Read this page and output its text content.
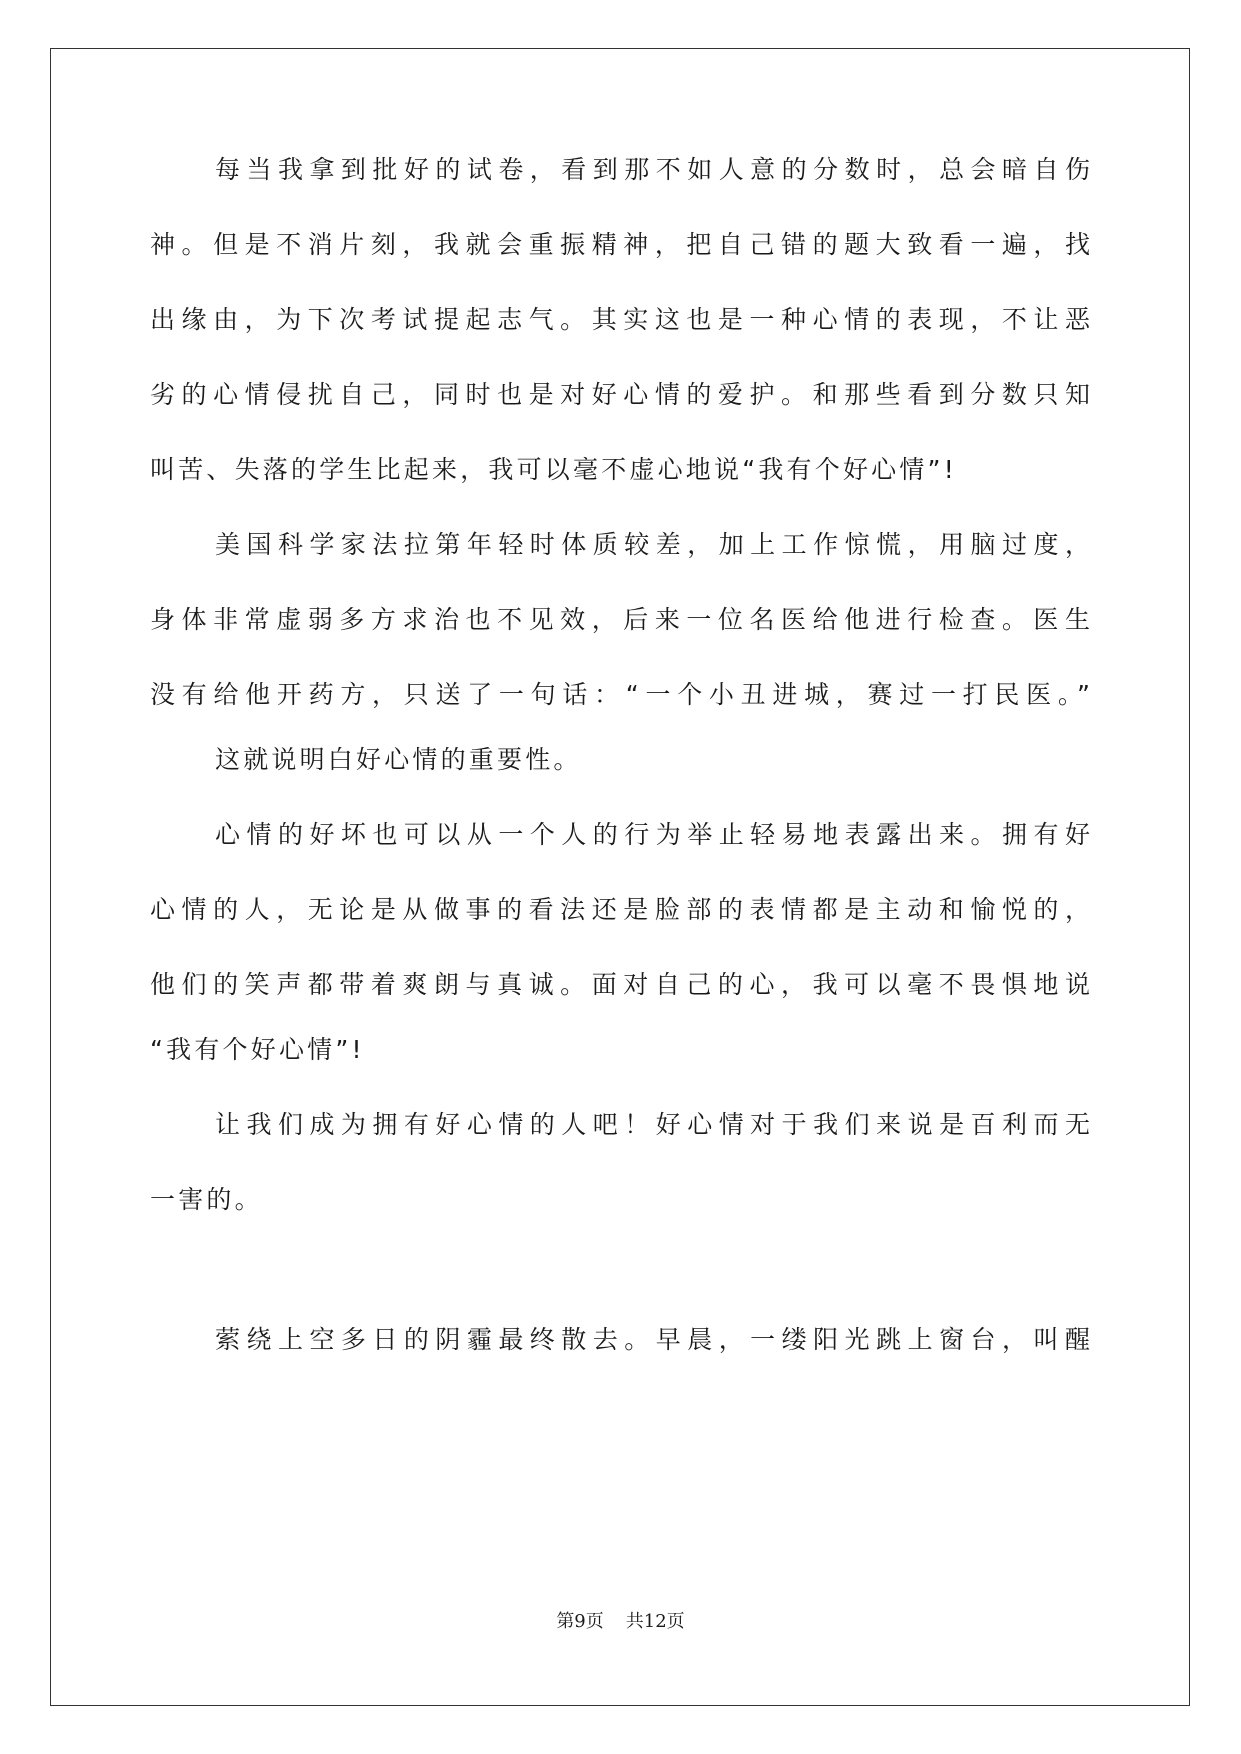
每当我拿到批好的试卷，看到那不如人意的分数时，总会暗自伤
神。但是不消片刻，我就会重振精神，把自己错的题大致看一遍，找
出缘由，为下次考试提起志气。其实这也是一种心情的表现，不让恶
劣的心情侵扰自己，同时也是对好心情的爱护。和那些看到分数只知
叫苦、失落的学生比起来，我可以毫不虚心地说“我有个好心情”!
美国科学家法拉第年轻时体质较差，加上工作惊慌，用脑过度，
身体非常虚弱多方求治也不见效，后来一位名医给他进行检查。医生
没有给他开药方，只送了一句话：“一个小丑进城，赛过一打民医。”
这就说明白好心情的重要性。
心情的好坏也可以从一个人的行为举止轻易地表露出来。拥有好
心情的人，无论是从做事的看法还是脸部的表情都是主动和愉悦的，
他们的笑声都带着爽朗与真诚。面对自己的心，我可以毫不畏惧地说
“我有个好心情”!
让我们成为拥有好心情的人吧！好心情对于我们来说是百利而无
一害的。
萦绕上空多日的阴霾最终散去。早晨，一缕阳光跳上窗台，叫醒
第9页 共12页
